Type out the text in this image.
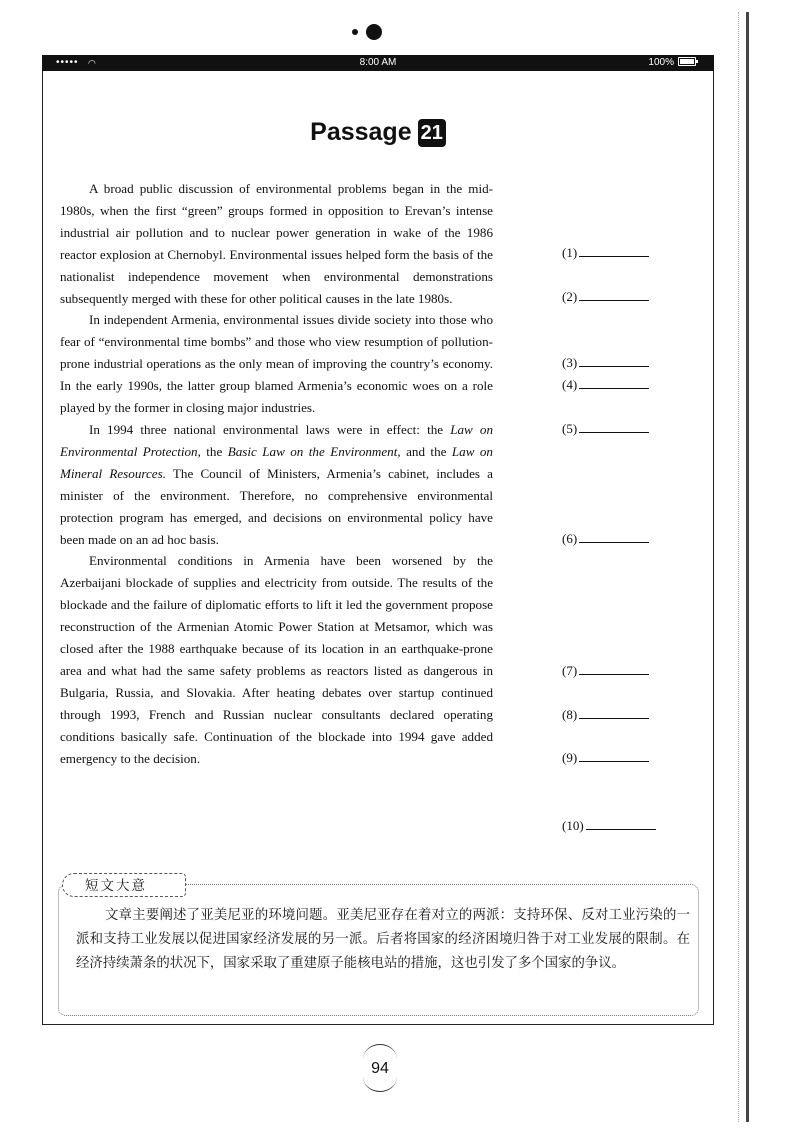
••••• ◠	8:00 AM	100%
Passage 21

A broad public discussion of environmental problems began in the mid-1980s, when the first “green” groups formed in opposition to Erevan’s intense industrial air pollution and to nuclear power generation in wake of the 1986 reactor explosion at Chernobyl. Environmental issues helped form the basis of the nationalist independence movement when environmental demonstrations subsequently merged with these for other political causes in the late 1980s.

In independent Armenia, environmental issues divide society into those who fear of “environmental time bombs” and those who view resumption of pollution-prone industrial operations as the only mean of improving the country’s economy. In the early 1990s, the latter group blamed Armenia’s economic woes on a role played by the former in closing major industries.

In 1994 three national environmental laws were in effect: the Law on Environmental Protection, the Basic Law on the Environment, and the Law on Mineral Resources. The Council of Ministers, Armenia’s cabinet, includes a minister of the environment. Therefore, no comprehensive environmental protection program has emerged, and decisions on environmental policy have been made on an ad hoc basis.

Environmental conditions in Armenia have been worsened by the Azerbaijani blockade of supplies and electricity from outside. The results of the blockade and the failure of diplomatic efforts to lift it led the government propose reconstruction of the Armenian Atomic Power Station at Metsamor, which was closed after the 1988 earthquake because of its location in an earthquake-prone area and what had the same safety problems as reactors listed as dangerous in Bulgaria, Russia, and Slovakia. After heating debates over startup continued through 1993, French and Russian nuclear consultants declared operating conditions basically safe. Continuation of the blockade into 1994 gave added emergency to the decision.

(1)
(2)
(3)
(4)
(5)
(6)
(7)
(8)
(9)
(10)
短文大意

文章主要阐述了亚美尼亚的环境问题。亚美尼亚存在着对立的两派：支持环保、反对工业污染的一派和支持工业发展以促进国家经济发展的另一派。后者将国家的经济困境归咎于对工业发展的限制。在经济持续萧条的状况下，国家采取了重建原子能核电站的措施，这也引发了多个国家的争议。

94
